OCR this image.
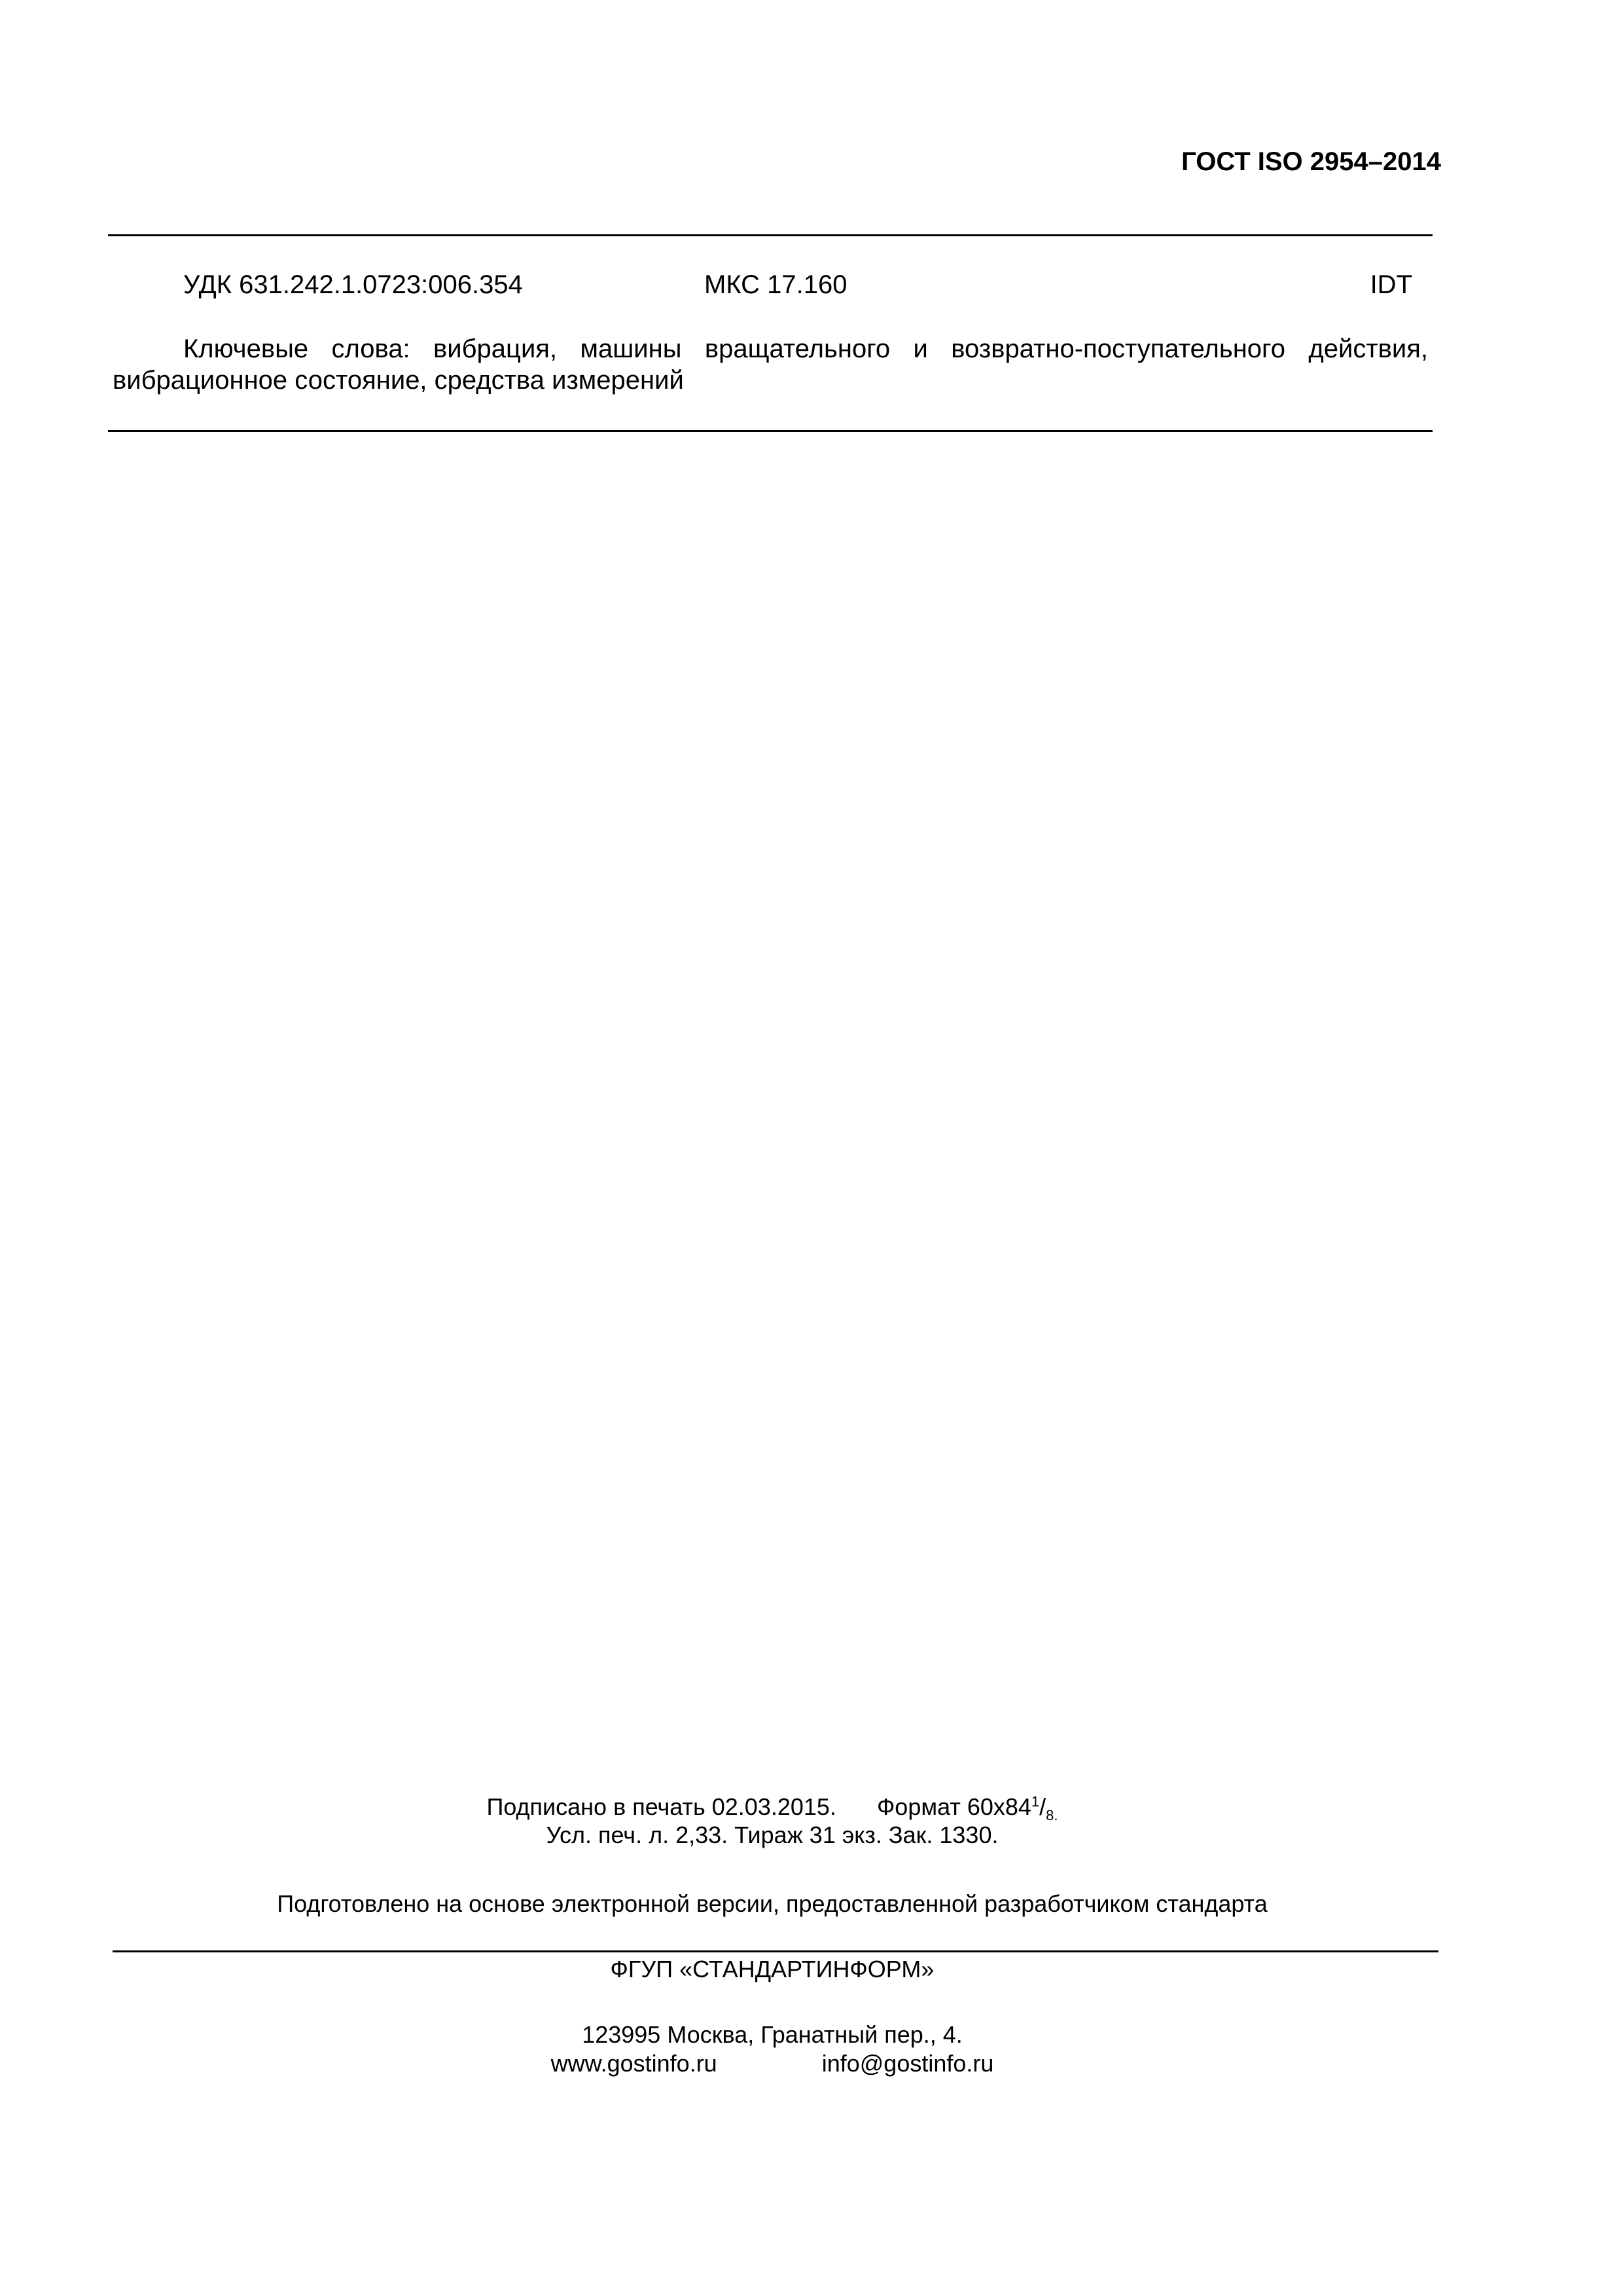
ГОСТ ISO 2954–2014
УДК 631.242.1.0723:006.354	МКС 17.160	IDT
Ключевые слова: вибрация, машины вращательного и возвратно-поступательного действия, вибрационное состояние, средства измерений
Подписано в печать 02.03.2015. Формат $60x84^1/_{8.}$
Усл. печ. л. 2,33. Тираж 31 экз. Зак. 1330.
Подготовлено на основе электронной версии, предоставленной разработчиком стандарта
ФГУП «СТАНДАРТИНФОРМ»
123995 Москва, Гранатный пер., 4.
www.gostinfo.ru	info@gostinfo.ru
